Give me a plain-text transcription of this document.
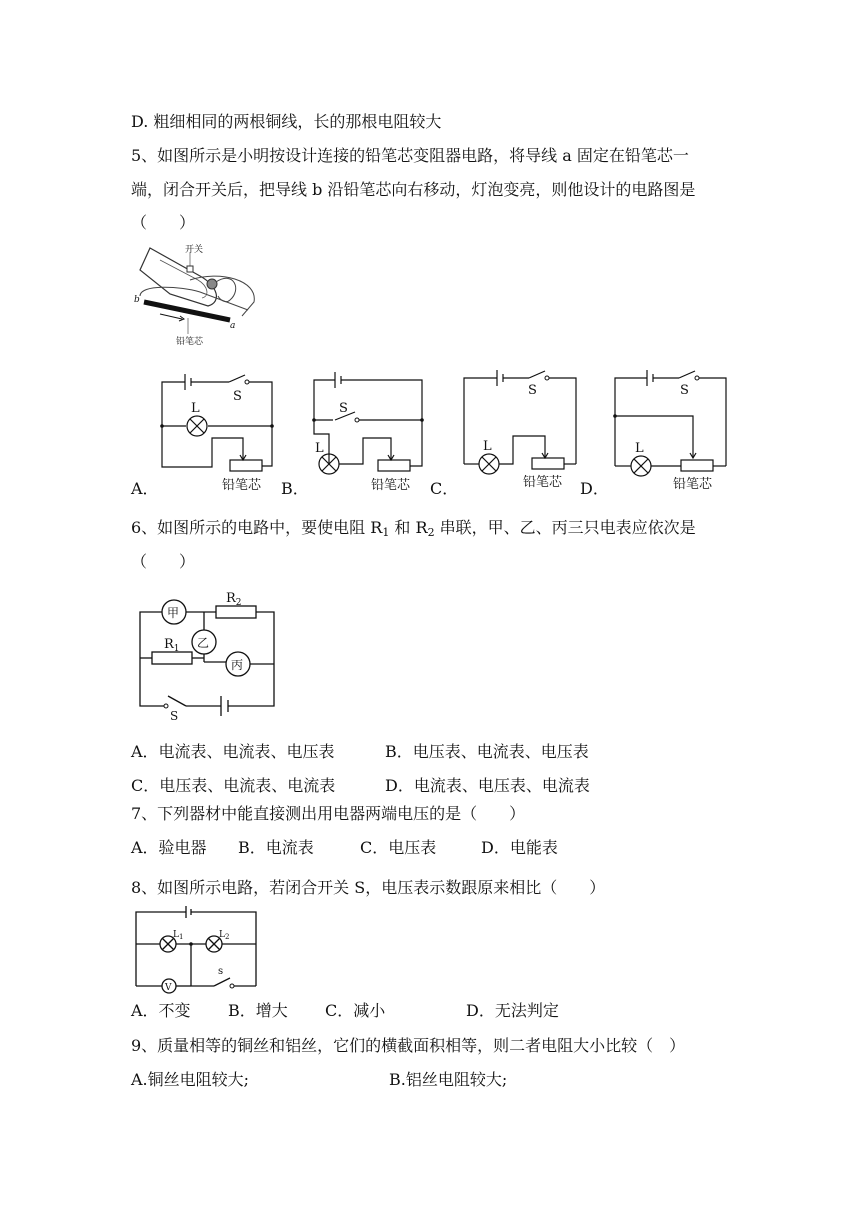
D. 粗细相同的两根铜线，长的那根电阻较大
5、如图所示是小明按设计连接的铅笔芯变阻器电路，将导线 a 固定在铅笔芯一
端，闭合开关后，把导线 b 沿铅笔芯向右移动，灯泡变亮，则他设计的电路图是
（　　）
开关
b
a
铅笔芯
A．
S
L
铅笔芯 B．
S
L
铅笔芯 C．
S
L
铅笔芯 D．
S
L
铅笔芯
6、如图所示的电路中，要使电阻 $R_1$ 和 $R_2$ 串联，甲、乙、丙三只电表应依次是
（　　）
甲
乙
丙
$R_2$
$R_1$
S
A．电流表、电流表、电压表	B．电压表、电流表、电压表
C．电压表、电流表、电流表	D．电流表、电压表、电流表
7、下列器材中能直接测出用电器两端电压的是（　　）
A．验电器 B．电流表	C．电压表	D．电能表
8、如图所示电路，若闭合开关 S，电压表示数跟原来相比（　　）
V
$L_1$	$L_2$
s
A．不变 B．增大 C．减小	D．无法判定
9、质量相等的铜丝和铝丝，它们的横截面积相等，则二者电阻大小比较（　）
A.铜丝电阻较大;	B.铝丝电阻较大;
